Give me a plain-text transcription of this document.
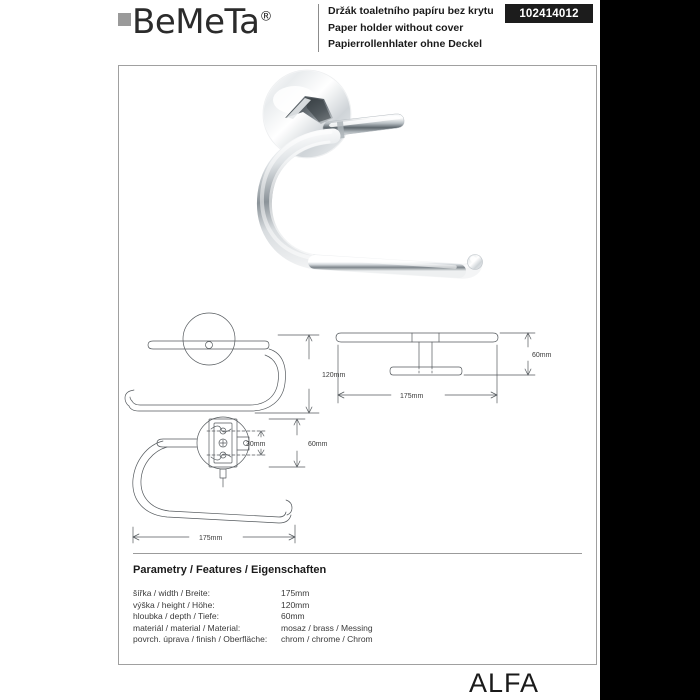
BeMeTa®	Držák toaletního papíru bez krytu
Paper holder without cover
Papierrollenhlater ohne Deckel
102414012
120mm
30mm	60mm
175mm
60mm
175mm
Parametry / Features / Eigenschaften
šířka / width / Breite:	175mm
výška / height / Höhe:	120mm
hloubka / depth / Tiefe:	60mm
materiál / material / Material:	mosaz / brass / Messing
povrch. úprava / finish / Oberfläche:	chrom / chrome / Chrom
ALFA
